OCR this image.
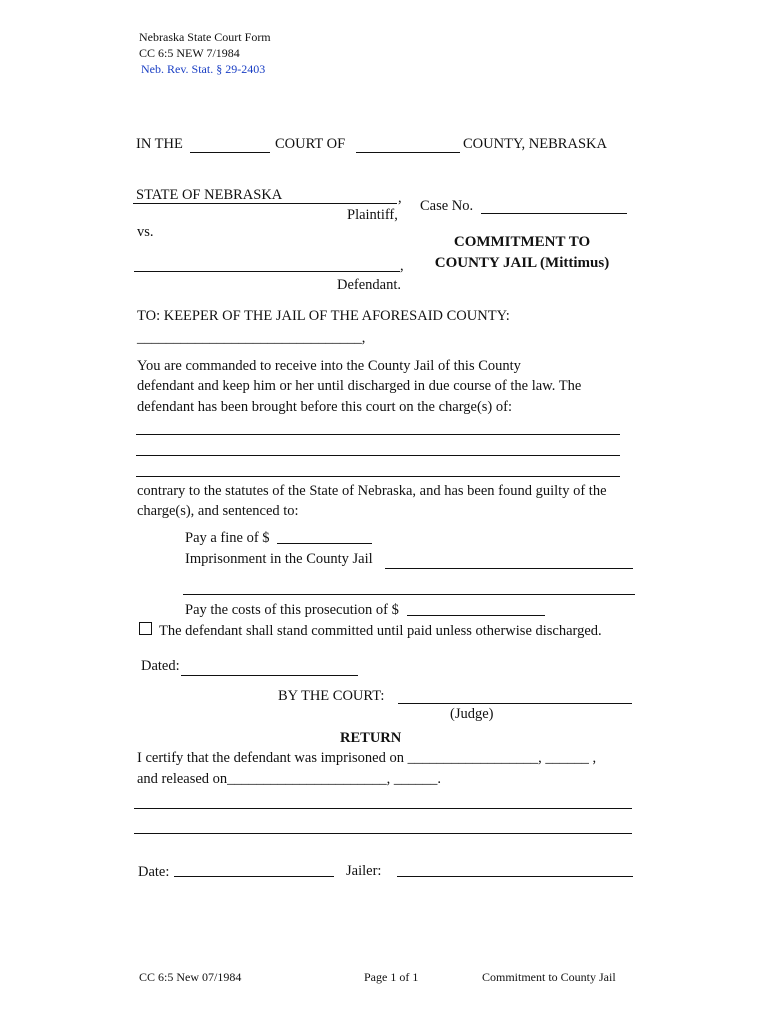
Nebraska State Court Form
CC 6:5 NEW 7/1984
Neb. Rev. Stat. § 29-2403
IN THE	COURT OF	COUNTY, NEBRASKA
STATE OF NEBRASKA	,
Plaintiff,
Case No.
vs.
COMMITMENT TO
COUNTY JAIL (Mittimus)
,
Defendant.
TO: KEEPER OF THE JAIL OF THE AFORESAID COUNTY:
_______________________________,
You are commanded to receive into the County Jail of this County
defendant and keep him or her until discharged in due course of the law. The
defendant has been brought before this court on the charge(s) of:
contrary to the statutes of the State of Nebraska, and has been found guilty of the
charge(s), and sentenced to:
Pay a fine of $
Imprisonment in the County Jail
Pay the costs of this prosecution of $
The defendant shall stand committed until paid unless otherwise discharged.
Dated:
BY THE COURT:
(Judge)
RETURN
I certify that the defendant was imprisoned on __________________, ______ ,
and released on______________________, ______.
Date:	Jailer:
CC 6:5 New 07/1984	Page 1 of 1	Commitment to County Jail
